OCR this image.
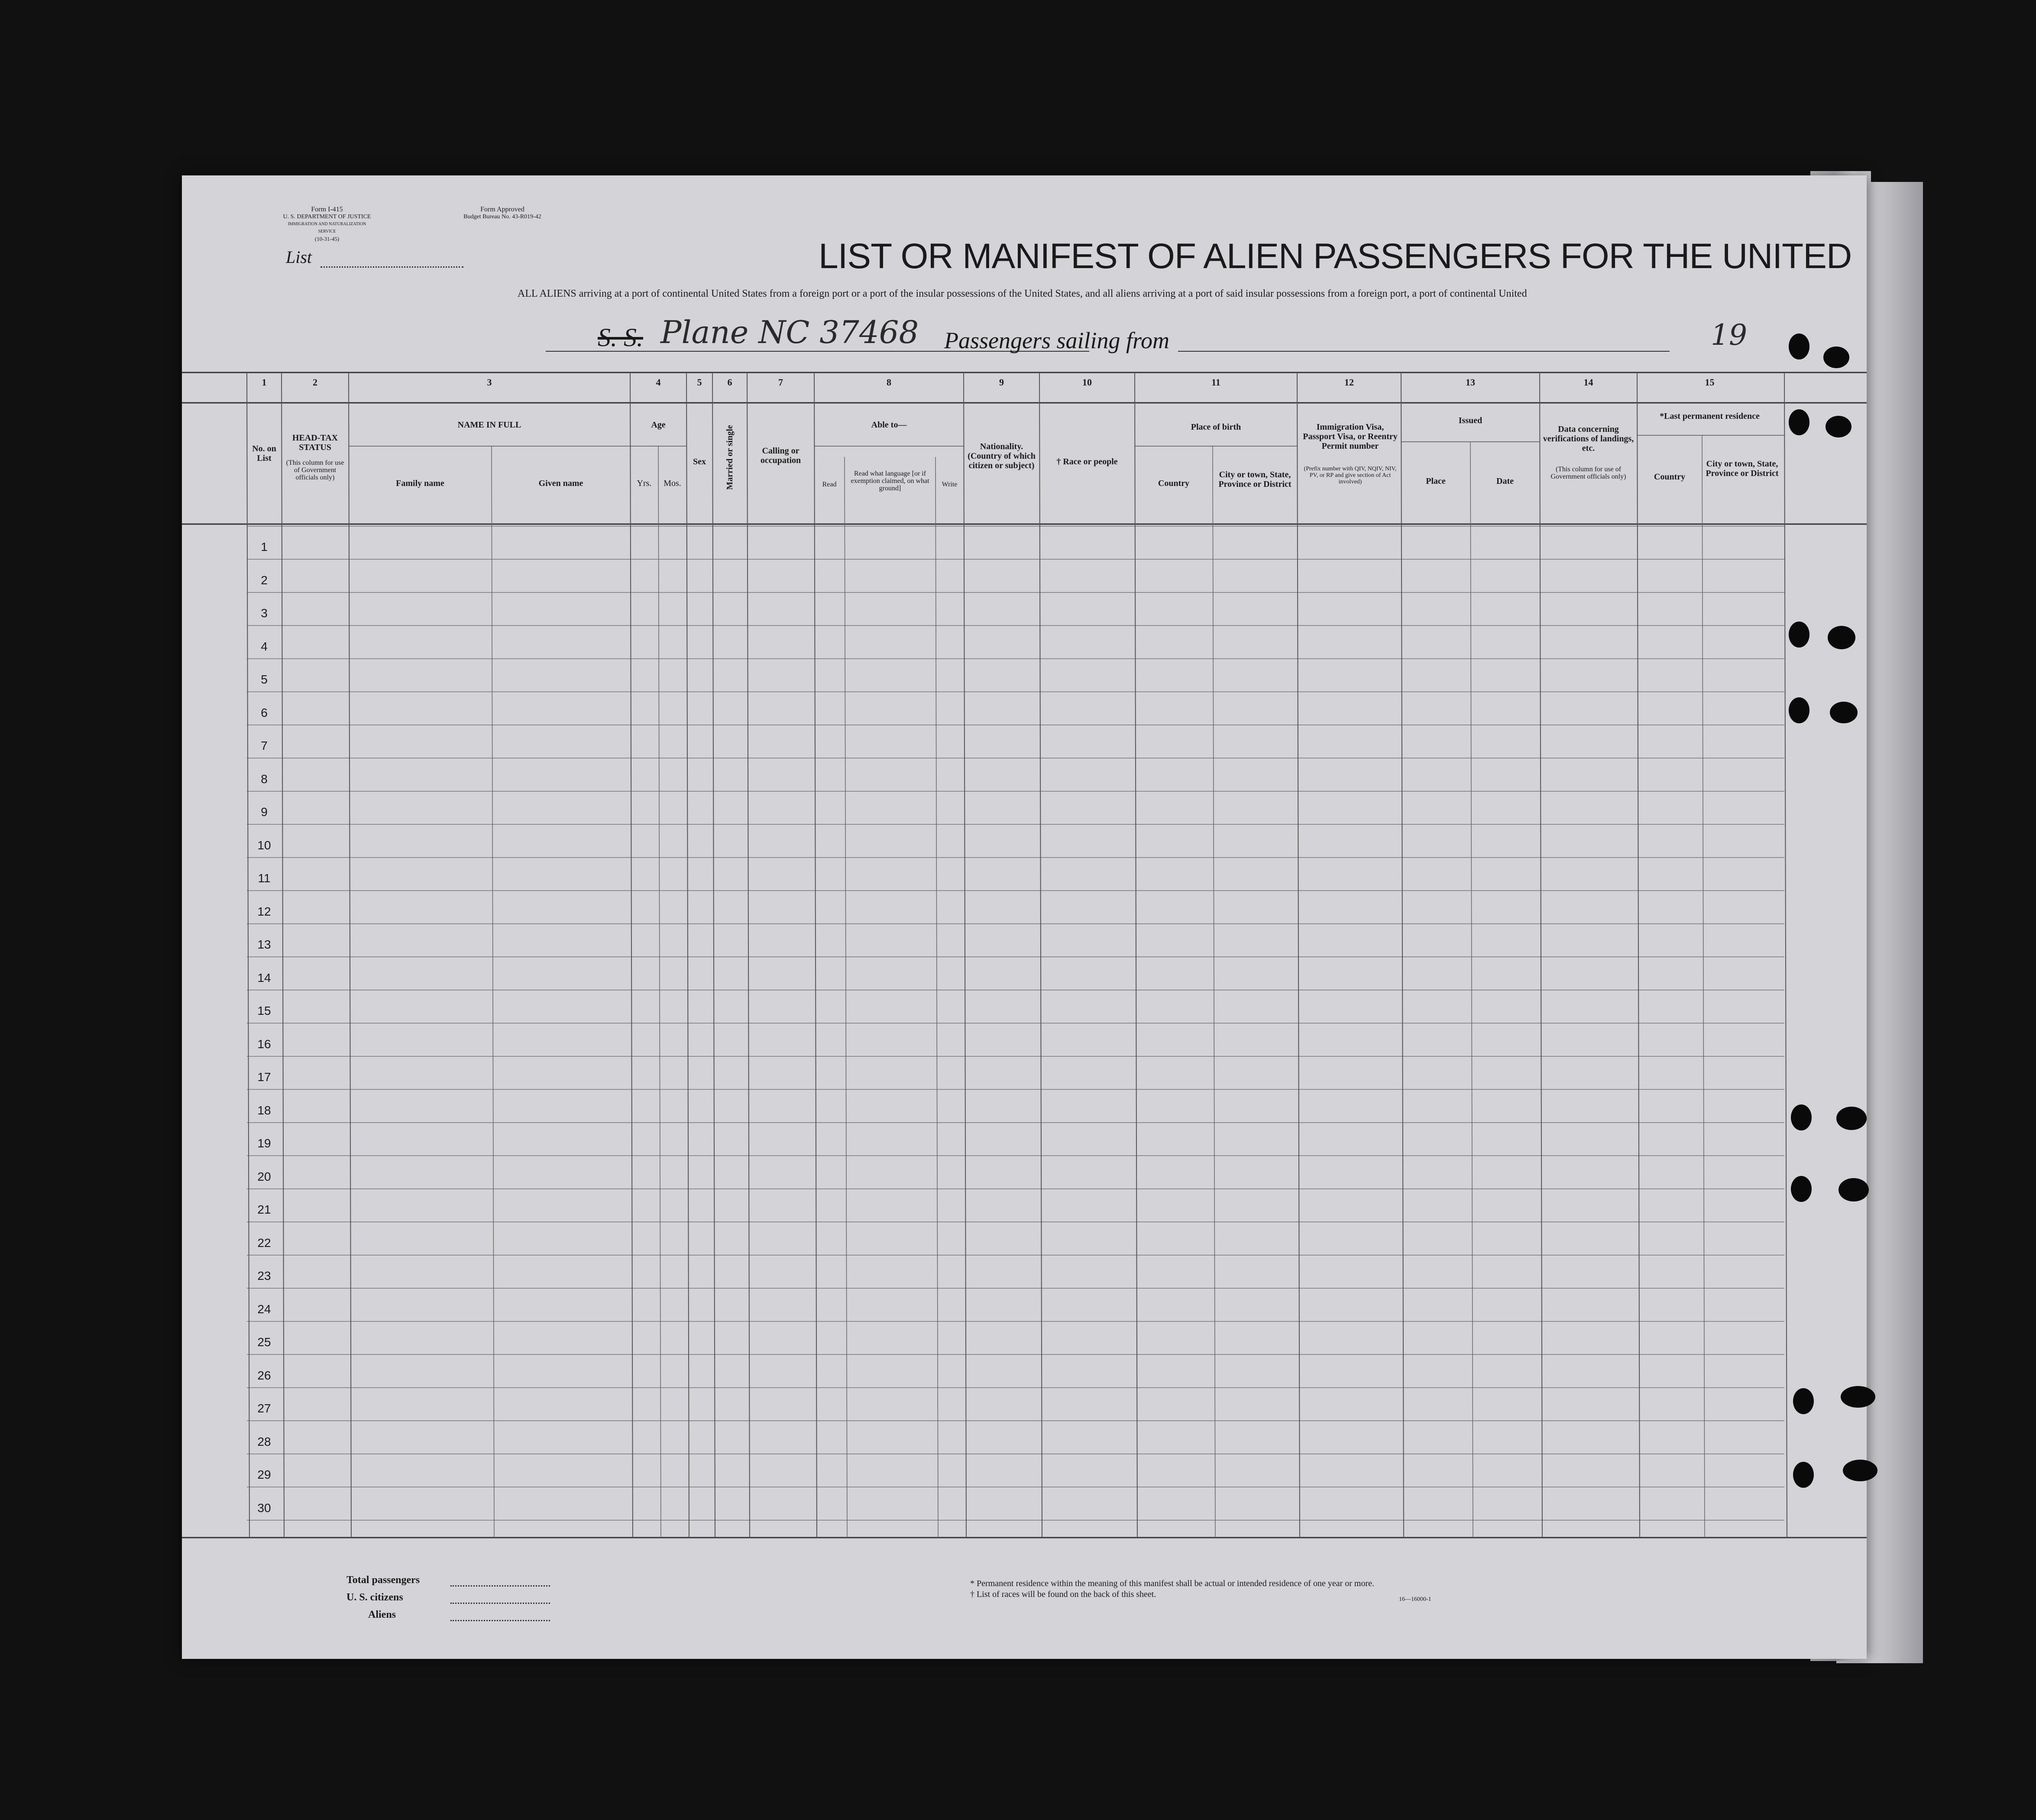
Form I-415
U. S. DEPARTMENT OF JUSTICE
IMMIGRATION AND NATURALIZATION SERVICE
(10-31-45)
Form Approved
Budget Bureau No. 43-R019-42
List	LIST OR MANIFEST OF ALIEN PASSENGERS FOR THE UNITED
ALL ALIENS arriving at a port of continental United States from a foreign port or a port of the insular possessions of the United States, and all aliens arriving at a port of said insular possessions from a foreign port, a port of continental United
S. S. Plane NC 37468 Passengers sailing from	19
1	2	3	4	5	6	7	8	9	10	11	12	13	14	15
No. on List
HEAD-TAX STATUS
(This column for use of Government officials only)
NAME IN FULL
Family name	Given name
Age
Yrs.	Mos.
Sex	Married or single	Calling or occupation
Able to—
Read
Read what language [or if exemption claimed, on what ground]
Write
Nationality. (Country of which citizen or subject)	† Race or people
Place of birth
Country
City or town, State, Province or District
Immigration Visa, Passport Visa, or Reentry Permit number
(Prefix number with QIV, NQIV, NIV, PV, or RP and give section of Act involved)
Issued
Place	Date
Data concerning verifications of landings, etc.
(This column for use of Government officials only)
*Last permanent residence
Country
City or town, State, Province or District
1
2
3
4
5
6
7
8
9
10
11
12
13
14
15
16
17
18
19
20
21
22
23
24
25
26
27
28
29
30
Total passengers
U. S. citizens
Aliens
* Permanent residence within the meaning of this manifest shall be actual or intended residence of one year or more.
† List of races will be found on the back of this sheet.
16—16000-1
